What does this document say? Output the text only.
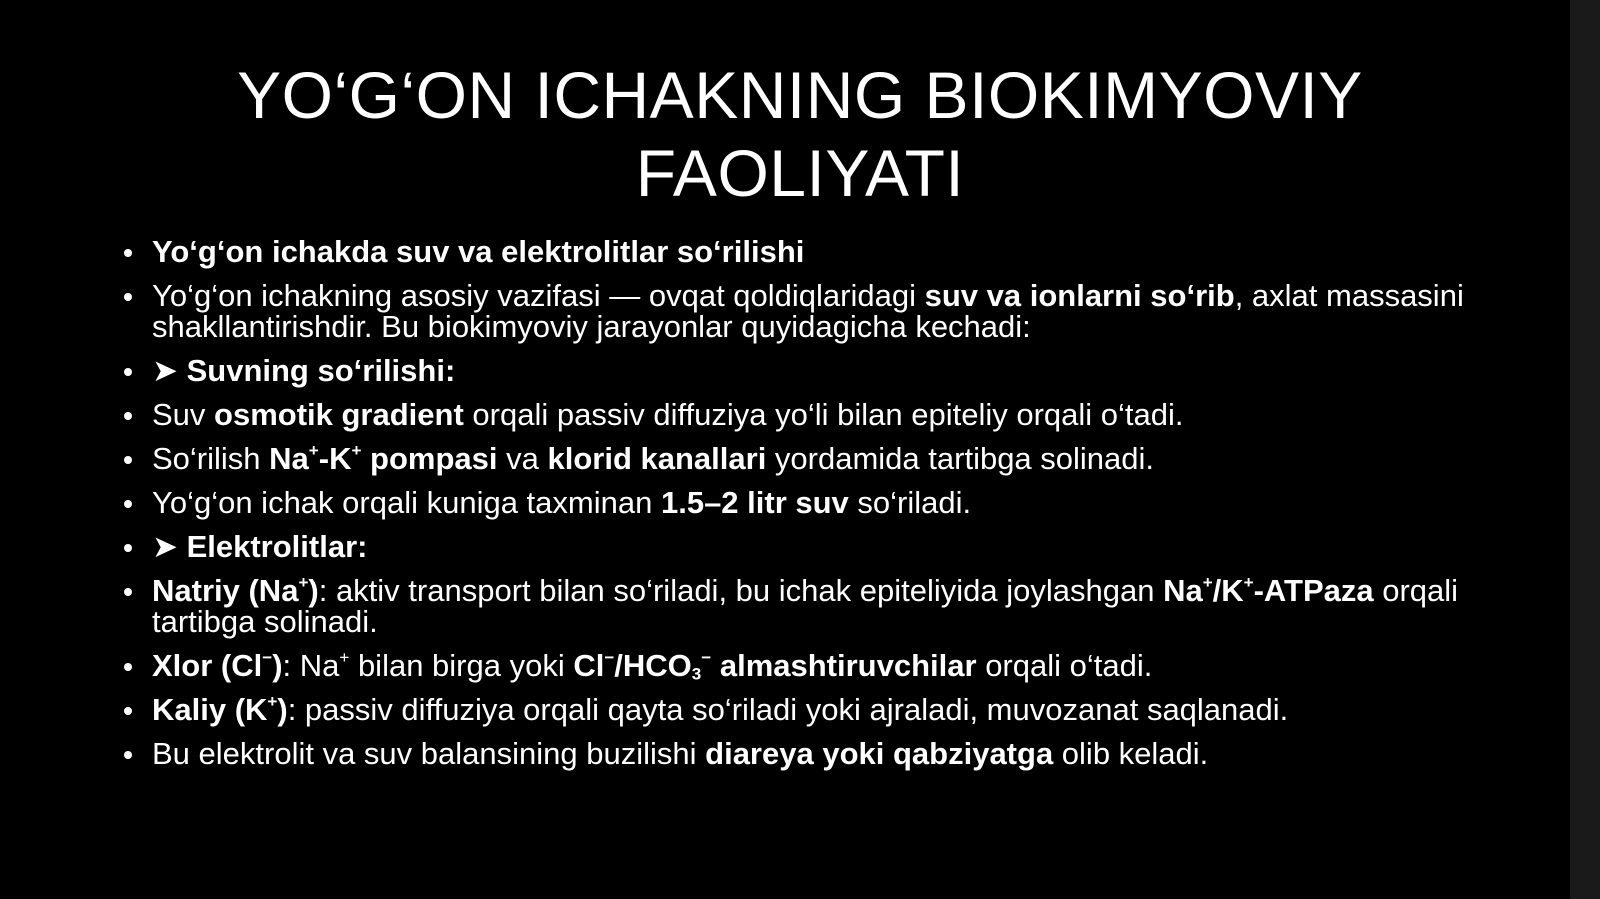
YO‘G‘ON ICHAKNING BIOKIMYOVIY
FAOLIYATI
Yo‘g‘on ichakda suv va elektrolitlar so‘rilishi
Yo‘g‘on ichakning asosiy vazifasi — ovqat qoldiqlaridagi suv va ionlarni so‘rib, axlat massasini shakllantirishdir. Bu biokimyoviy jarayonlar quyidagicha kechadi:
➤ Suvning so‘rilishi:
Suv osmotik gradient orqali passiv diffuziya yo‘li bilan epiteliy orqali o‘tadi.
So‘rilish Na+-K+ pompasi va klorid kanallari yordamida tartibga solinadi.
Yo‘g‘on ichak orqali kuniga taxminan 1.5–2 litr suv so‘riladi.
➤ Elektrolitlar:
Natriy (Na+): aktiv transport bilan so‘riladi, bu ichak epiteliyida joylashgan Na+/K+-ATPaza orqali tartibga solinadi.
Xlor (Cl−): Na+ bilan birga yoki $Cl^-/HCO_3^-$ almashtiruvchilar orqali o‘tadi.
Kaliy (K+): passiv diffuziya orqali qayta so‘riladi yoki ajraladi, muvozanat saqlanadi.
Bu elektrolit va suv balansining buzilishi diareya yoki qabziyatga olib keladi.
